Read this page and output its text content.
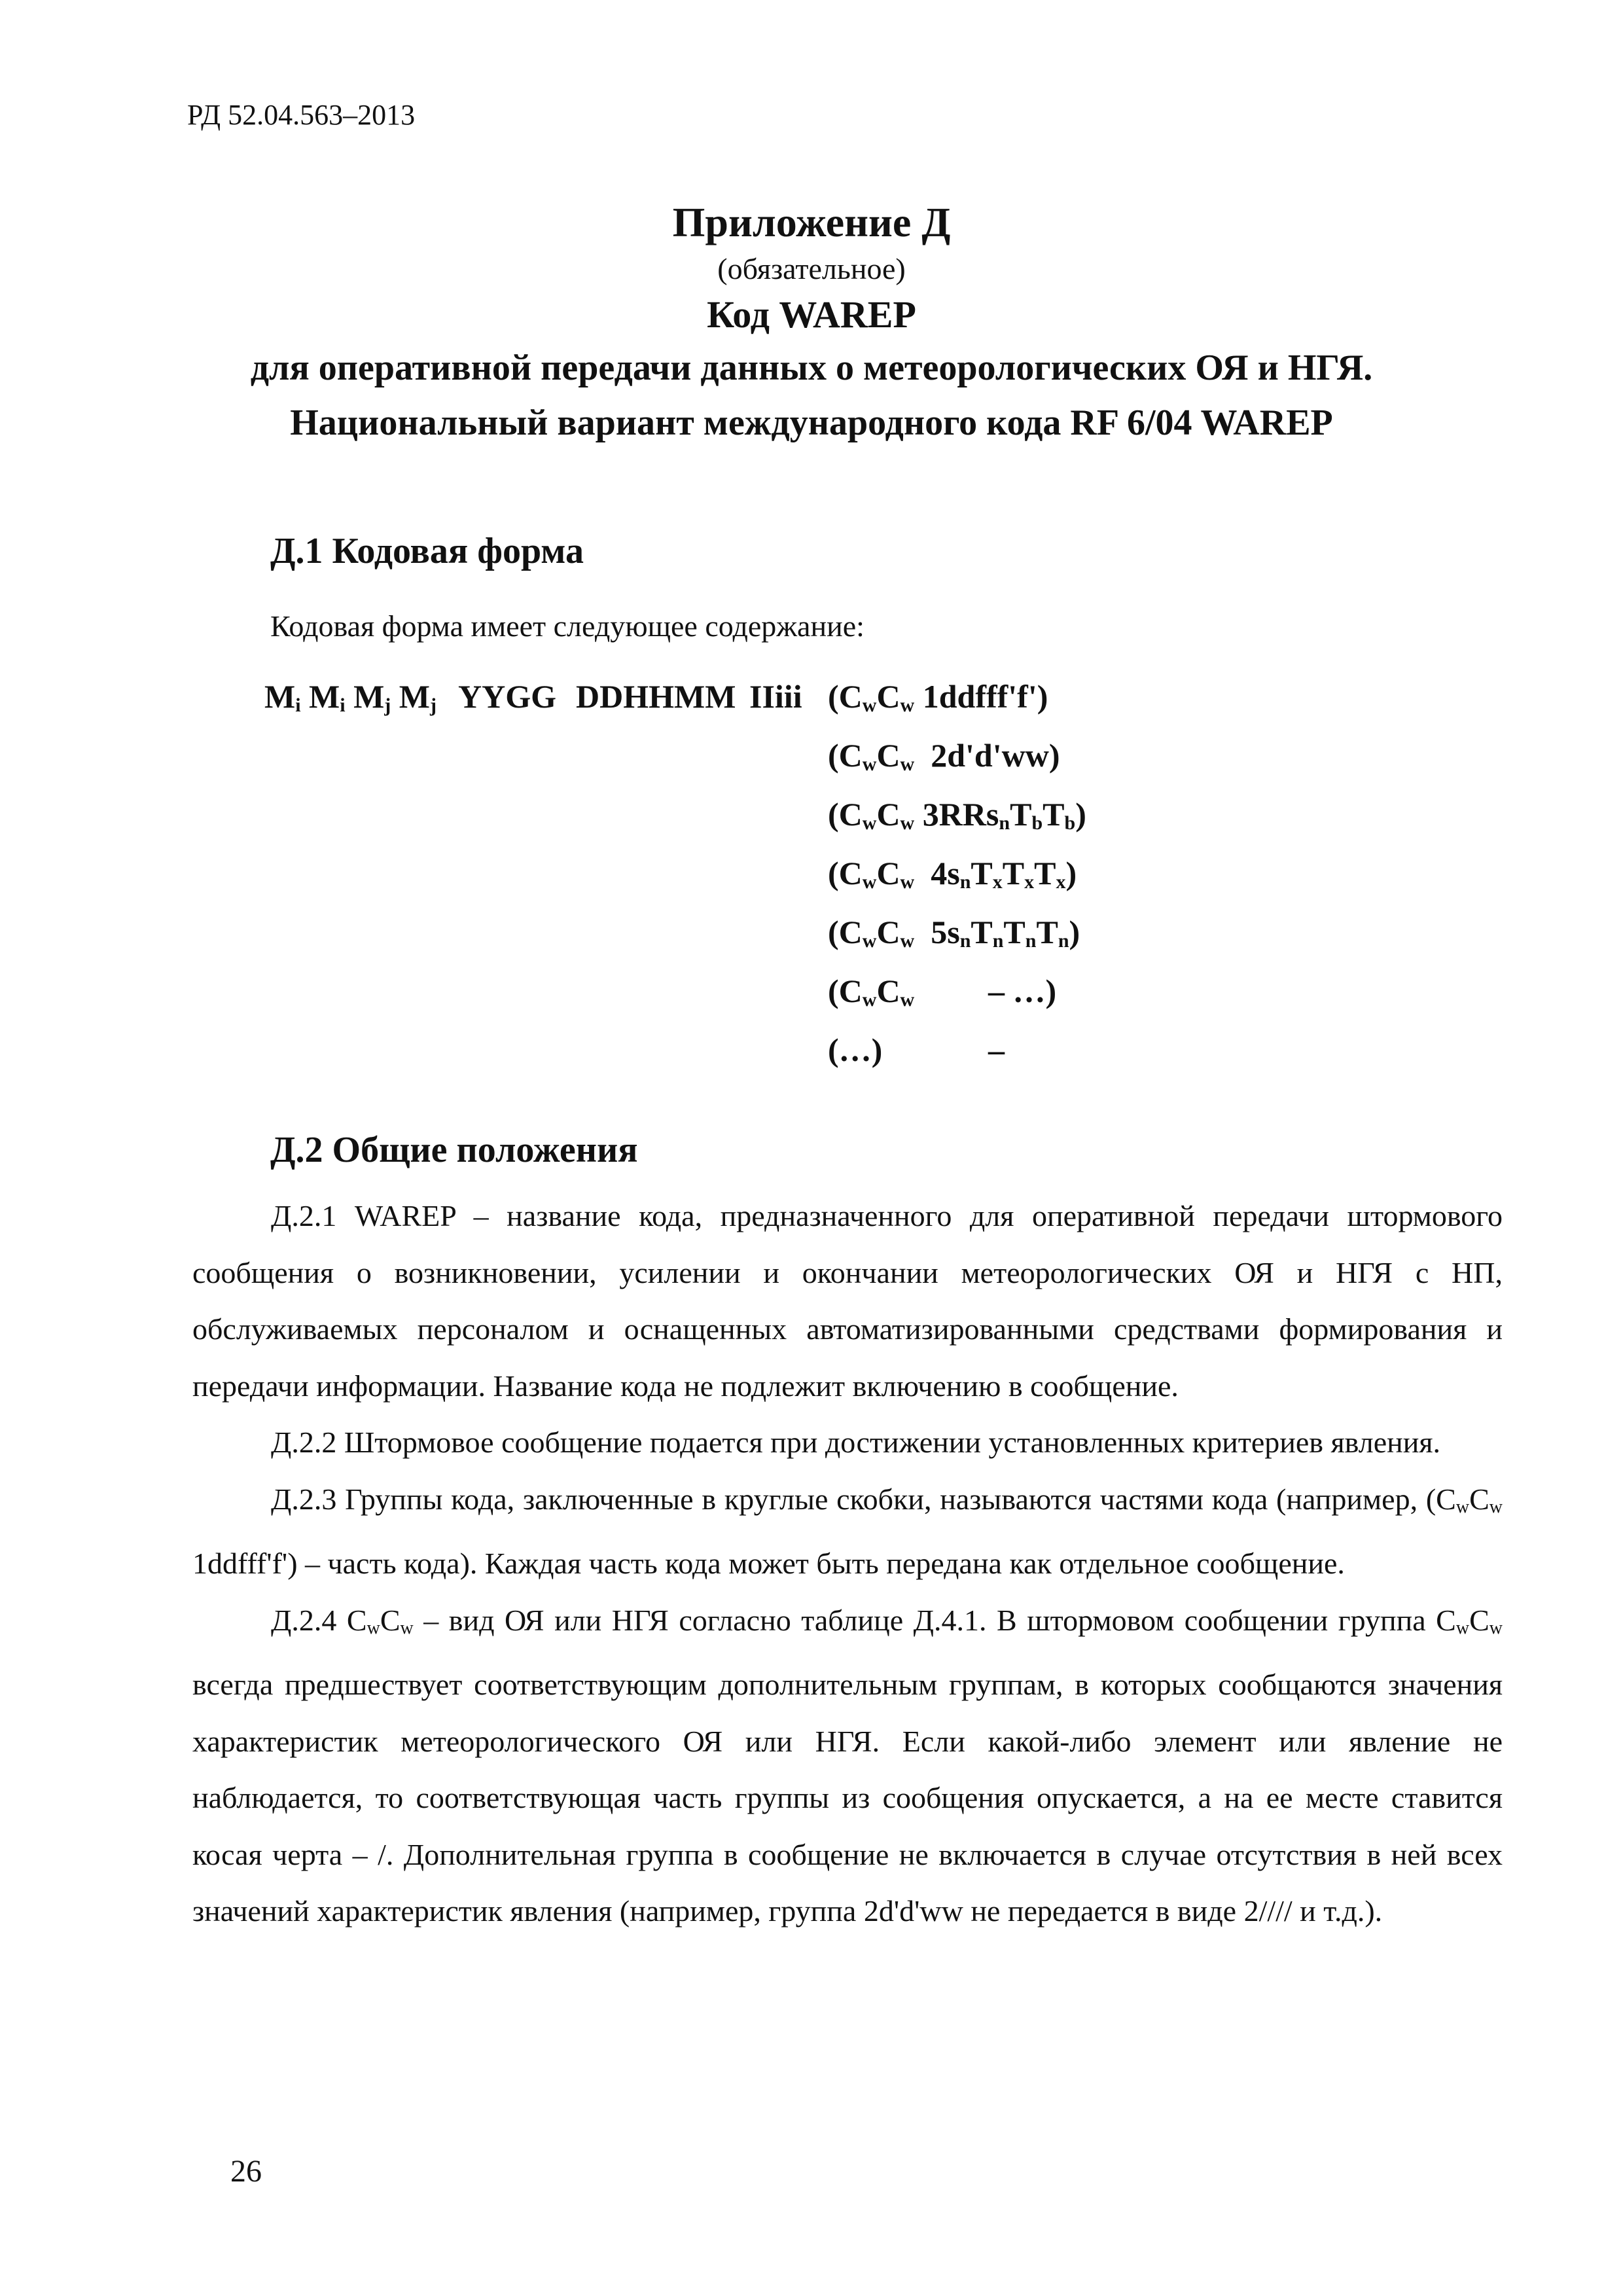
РД 52.04.563–2013
Приложение Д
(обязательное)
Код WAREP
для оперативной передачи данных о метеорологических ОЯ и НГЯ.
Национальный вариант международного кода RF 6/04 WAREP
Д.1 Кодовая форма
Кодовая форма имеет следующее содержание:
$M_i$ $M_i$ $M_j$ $M_j$ YYGG DDHHMM IIiii ($C_wC_w$ 1ddfff'f')
($C_wC_w$  2d'd'ww)
($C_wC_w$ $3RRs_nT_bT_b$)
($C_wC_w$  $4s_nT_xT_xT_x$)
($C_wC_w$  $5s_nT_nT_nT_n$)
($C_wC_w$ – …)
(…)	–
Д.2 Общие положения

Д.2.1 WAREP – название кода, предназначенного для оперативной передачи штормового сообщения о возникновении, усилении и окончании метеорологических ОЯ и НГЯ с НП, обслуживаемых персоналом и оснащенных автоматизированными средствами формирования и передачи информации. Название кода не подлежит включению в сообщение.

Д.2.2 Штормовое сообщение подается при достижении установленных критериев явления.

Д.2.3 Группы кода, заключенные в круглые скобки, называются частями кода (например, ($C_wC_w$ 1ddfff'f') – часть кода). Каждая часть кода может быть передана как отдельное сообщение.

Д.2.4 $C_wC_w$ – вид ОЯ или НГЯ согласно таблице Д.4.1. В штормовом сообщении группа $C_wC_w$ всегда предшествует соответствующим дополнительным группам, в которых сообщаются значения характеристик метеорологического ОЯ или НГЯ. Если какой-либо элемент или явление не наблюдается, то соответствующая часть группы из сообщения опускается, а на ее месте ставится косая черта – /. Дополнительная группа в сообщение не включается в случае отсутствия в ней всех значений характеристик явления (например, группа 2d'd'ww не передается в виде 2//// и т.д.).

26
